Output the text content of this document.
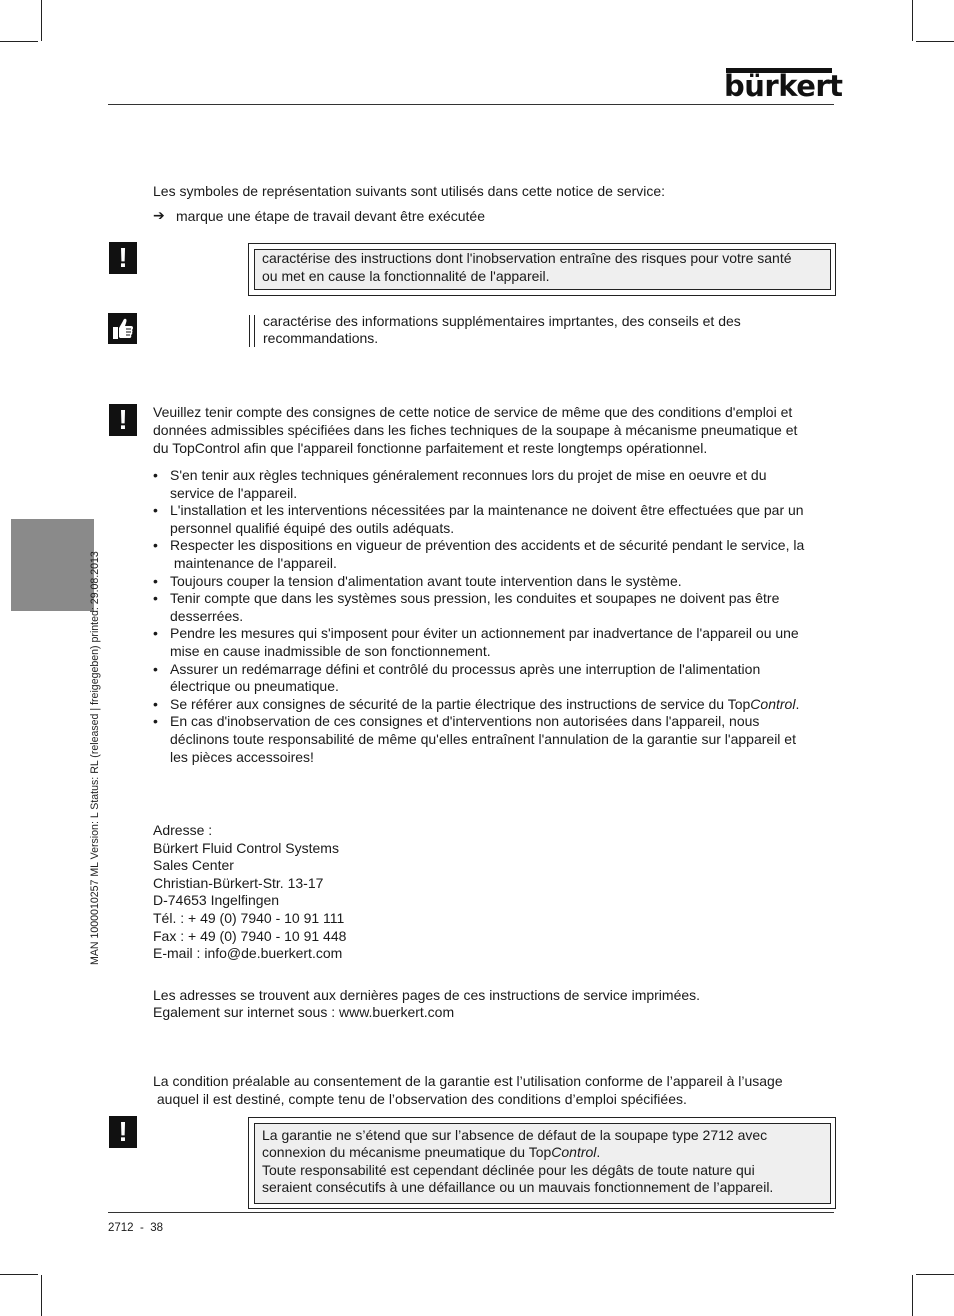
bürkert
MAN 1000010257 ML Version: L Status: RL (released | freigegeben) printed: 29.08.2013
Les symboles de représentation suivants sont utilisés dans cette notice de service:
➔ marque une étape de travail devant être exécutée
!	caractérise des instructions dont l'inobservation entraîne des risques pour votre santé
ou met en cause la fonctionnalité de l'appareil.
caractérise des informations supplémentaires imprtantes, des conseils et des
recommandations.
!	Veuillez tenir compte des consignes de cette notice de service de même que des conditions d'emploi et
données admissibles spécifiées dans les fiches techniques de la soupape à mécanisme pneumatique et
du TopControl afin que l'appareil fonctionne parfaitement et reste longtemps opérationnel.
• S'en tenir aux règles techniques généralement reconnues lors du projet de mise en oeuvre et du
service de l'appareil.
• L'installation et les interventions nécessitées par la maintenance ne doivent être effectuées que par un
personnel qualifié équipé des outils adéquats.
• Respecter les dispositions en vigueur de prévention des accidents et de sécurité pendant le service, la
maintenance de l'appareil.
• Toujours couper la tension d'alimentation avant toute intervention dans le système.
• Tenir compte que dans les systèmes sous pression, les conduites et soupapes ne doivent pas être
desserrées.
• Pendre les mesures qui s'imposent pour éviter un actionnement par inadvertance de l'appareil ou une
mise en cause inadmissible de son fonctionnement.
• Assurer un redémarrage défini et contrôlé du processus après une interruption de l'alimentation
électrique ou pneumatique.
• Se référer aux consignes de sécurité de la partie électrique des instructions de service du TopControl.
• En cas d'inobservation de ces consignes et d'interventions non autorisées dans l'appareil, nous
déclinons toute responsabilité de même qu'elles entraînent l'annulation de la garantie sur l'appareil et
les pièces accessoires!
Adresse :
Bürkert Fluid Control Systems
Sales Center
Christian-Bürkert-Str. 13-17
D-74653 Ingelfingen
Tél. : + 49 (0) 7940 - 10 91 111
Fax : + 49 (0) 7940 - 10 91 448
E-mail : info@de.buerkert.com
Les adresses se trouvent aux dernières pages de ces instructions de service imprimées.
Egalement sur internet sous : www.buerkert.com
La condition préalable au consentement de la garantie est l’utilisation conforme de l’appareil à l’usage
auquel il est destiné, compte tenu de l’observation des conditions d’emploi spécifiées.
!	La garantie ne s’étend que sur l’absence de défaut de la soupape type 2712 avec
connexion du mécanisme pneumatique du TopControl.
Toute responsabilité est cependant déclinée pour les dégâts de toute nature qui
seraient consécutifs à une défaillance ou un mauvais fonctionnement de l’appareil.
2712  -  38
